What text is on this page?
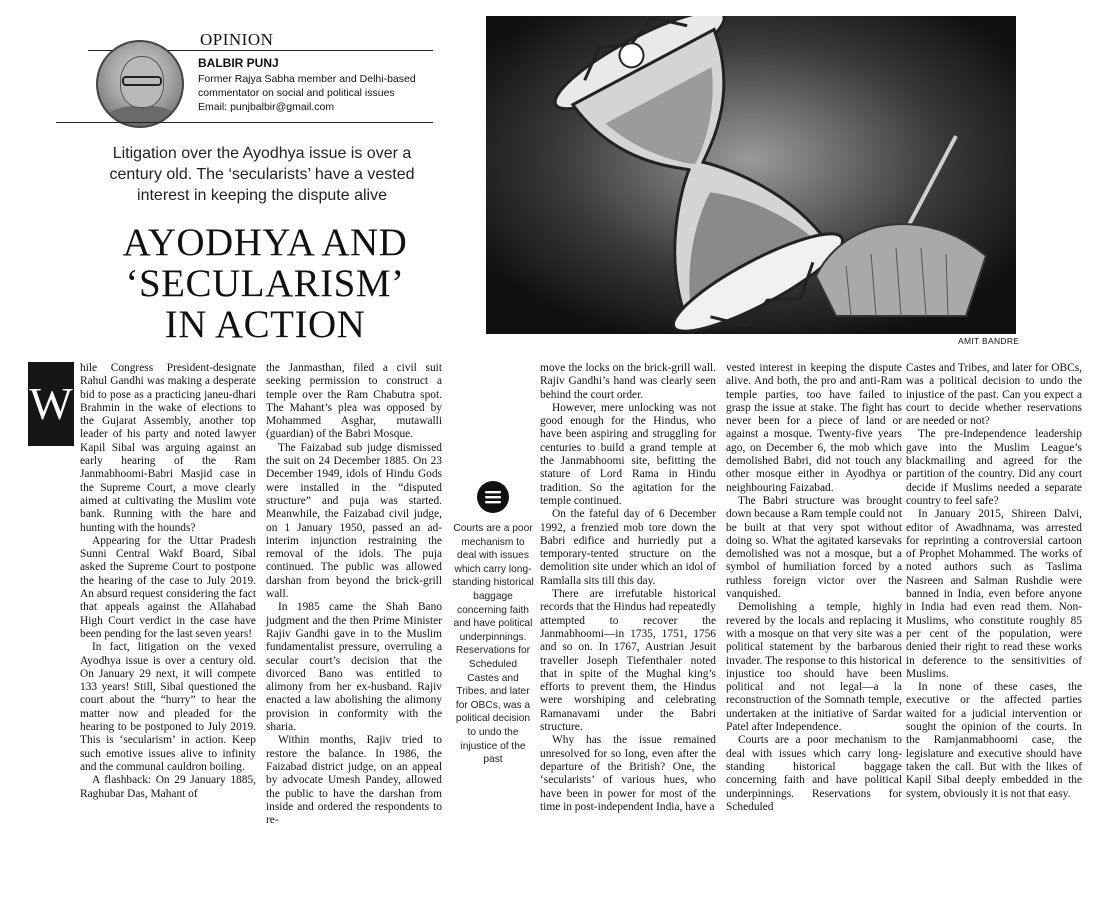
OPINION
BALBIR PUNJ
Former Rajya Sabha member and Delhi-based
commentator on social and political issues
Email: punjbalbir@gmail.com
Litigation over the Ayodhya issue is over a
century old. The ‘secularists’ have a vested
interest in keeping the dispute alive
AYODHYA AND
‘SECULARISM’
IN ACTION	AMIT BANDRE
W

hile Congress President-designate Rahul Gandhi was making a desperate bid to pose as a practicing janeu-dhari Brahmin in the wake of elections to the Gujarat Assembly, another top leader of his party and noted lawyer Kapil Sibal was arguing against an early hearing of the Ram Janmabhoomi-Babri Masjid case in the Supreme Court, a move clearly aimed at cultivating the Muslim vote bank. Running with the hare and hunting with the hounds?

Appearing for the Uttar Pradesh Sunni Central Wakf Board, Sibal asked the Supreme Court to postpone the hearing of the case to July 2019. An absurd request considering the fact that appeals against the Allahabad High Court verdict in the case have been pending for the last seven years!

In fact, litigation on the vexed Ayodhya issue is over a century old. On January 29 next, it will compete 133 years! Still, Sibal questioned the court about the “hurry” to hear the matter now and pleaded for the hearing to be postponed to July 2019. This is ‘secularism’ in action. Keep such emotive issues alive to infinity and the communal cauldron boiling.

A flashback: On 29 January 1885, Raghubar Das, Mahant of

the Janmasthan, filed a civil suit seeking permission to construct a temple over the Ram Chabutra spot. The Mahant’s plea was opposed by Mohammed Asghar, mutawalli (guardian) of the Babri Mosque.

The Faizabad sub judge dismissed the suit on 24 December 1885. On 23 December 1949, idols of Hindu Gods were installed in the “disputed structure” and puja was started. Meanwhile, the Faizabad civil judge, on 1 January 1950, passed an ad-interim injunction restraining the removal of the idols. The puja continued. The public was allowed darshan from beyond the brick-grill wall.

In 1985 came the Shah Bano judgment and the then Prime Minister Rajiv Gandhi gave in to the Muslim fundamentalist pressure, overruling a secular court’s decision that the divorced Bano was entitled to alimony from her ex-husband. Rajiv enacted a law abolishing the alimony provision in conformity with the sharia.

Within months, Rajiv tried to restore the balance. In 1986, the Faizabad district judge, on an appeal by advocate Umesh Pandey, allowed the public to have the darshan from inside and ordered the respondents to re-

Courts are a poor mechanism to deal with issues which carry long-standing historical baggage concerning faith and have political underpinnings. Reservations for Scheduled Castes and Tribes, and later for OBCs, was a political decision to undo the injustice of the past

move the locks on the brick-grill wall. Rajiv Gandhi’s hand was clearly seen behind the court order.

However, mere unlocking was not good enough for the Hindus, who have been aspiring and struggling for centuries to build a grand temple at the Janmabhoomi site, befitting the stature of Lord Rama in Hindu tradition. So the agitation for the temple continued.

On the fateful day of 6 December 1992, a frenzied mob tore down the Babri edifice and hurriedly put a temporary-tented structure on the demolition site under which an idol of Ramlalla sits till this day.

There are irrefutable historical records that the Hindus had repeatedly attempted to recover the Janmabhoomi—in 1735, 1751, 1756 and so on. In 1767, Austrian Jesuit traveller Joseph Tiefenthaler noted that in spite of the Mughal king’s efforts to prevent them, the Hindus were worshiping and celebrating Ramanavami under the Babri structure.

Why has the issue remained unresolved for so long, even after the departure of the British? One, the ‘secularists’ of various hues, who have been in power for most of the time in post-independent India, have a

vested interest in keeping the dispute alive. And both, the pro and anti-Ram temple parties, too have failed to grasp the issue at stake. The fight has never been for a piece of land or against a mosque. Twenty-five years ago, on December 6, the mob which demolished Babri, did not touch any other mosque either in Ayodhya or neighbouring Faizabad.

The Babri structure was brought down because a Ram temple could not be built at that very spot without doing so. What the agitated karsevaks demolished was not a mosque, but a symbol of humiliation forced by a ruthless foreign victor over the vanquished.

Demolishing a temple, highly revered by the locals and replacing it with a mosque on that very site was a political statement by the barbarous invader. The response to this historical injustice too should have been political and not legal—a la reconstruction of the Somnath temple, undertaken at the initiative of Sardar Patel after Independence.

Courts are a poor mechanism to deal with issues which carry long-standing historical baggage concerning faith and have political underpinnings. Reservations for Scheduled

Castes and Tribes, and later for OBCs, was a political decision to undo the injustice of the past. Can you expect a court to decide whether reservations are needed or not?

The pre-Independence leadership gave into the Muslim League’s blackmailing and agreed for the partition of the country. Did any court decide if Muslims needed a separate country to feel safe?

In January 2015, Shireen Dalvi, editor of Awadhnama, was arrested for reprinting a controversial cartoon of Prophet Mohammed. The works of noted authors such as Taslima Nasreen and Salman Rushdie were banned in India, even before anyone in India had even read them. Non-Muslims, who constitute roughly 85 per cent of the population, were denied their right to read these works in deference to the sensitivities of Muslims.

In none of these cases, the executive or the affected parties waited for a judicial intervention or sought the opinion of the courts. In the Ramjanmabhoomi case, the legislature and executive should have taken the call. But with the likes of Kapil Sibal deeply embedded in the system, obviously it is not that easy.
